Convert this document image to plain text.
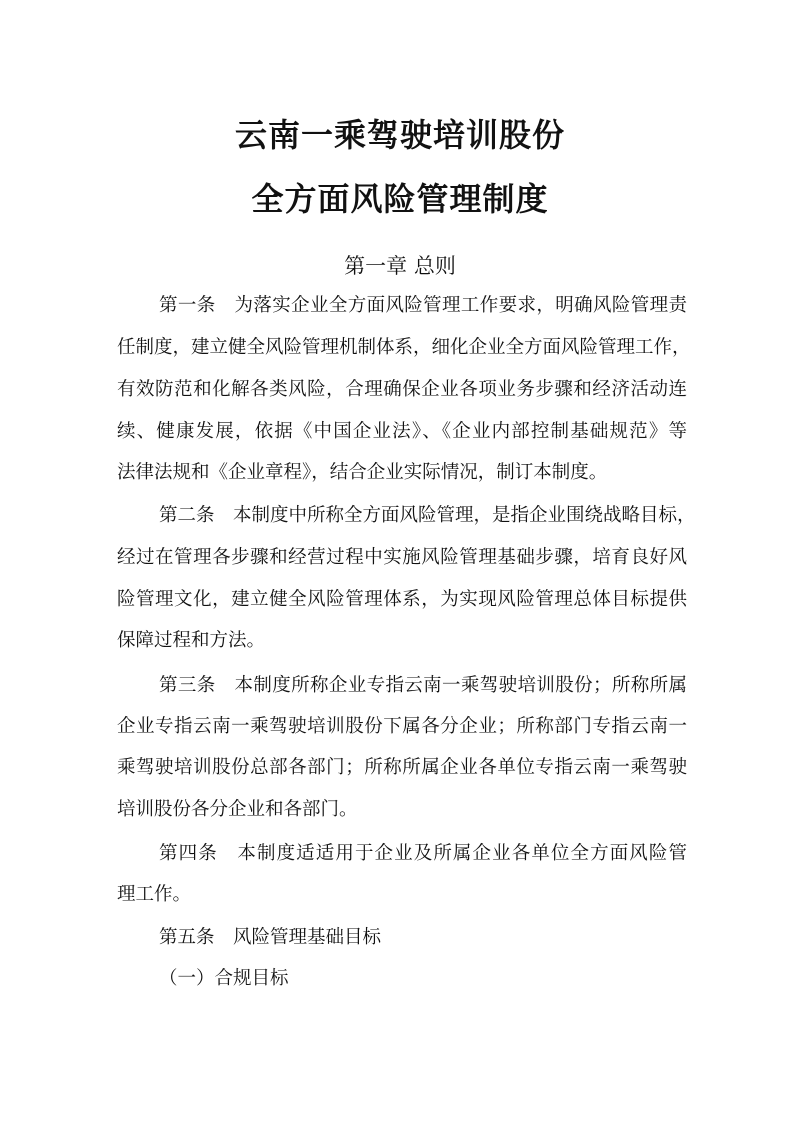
云南一乘驾驶培训股份
全方面风险管理制度
第一章 总则
第一条　为落实企业全方面风险管理工作要求，明确风险管理责
任制度，建立健全风险管理机制体系，细化企业全方面风险管理工作，
有效防范和化解各类风险，合理确保企业各项业务步骤和经济活动连
续、健康发展，依据《中国企业法》、《企业内部控制基础规范》等
法律法规和《企业章程》，结合企业实际情况，制订本制度。
第二条　本制度中所称全方面风险管理，是指企业围绕战略目标，
经过在管理各步骤和经营过程中实施风险管理基础步骤，培育良好风
险管理文化，建立健全风险管理体系，为实现风险管理总体目标提供
保障过程和方法。
第三条　本制度所称企业专指云南一乘驾驶培训股份；所称所属
企业专指云南一乘驾驶培训股份下属各分企业；所称部门专指云南一
乘驾驶培训股份总部各部门；所称所属企业各单位专指云南一乘驾驶
培训股份各分企业和各部门。
第四条　本制度适适用于企业及所属企业各单位全方面风险管
理工作。
第五条　风险管理基础目标
（一）合规目标
